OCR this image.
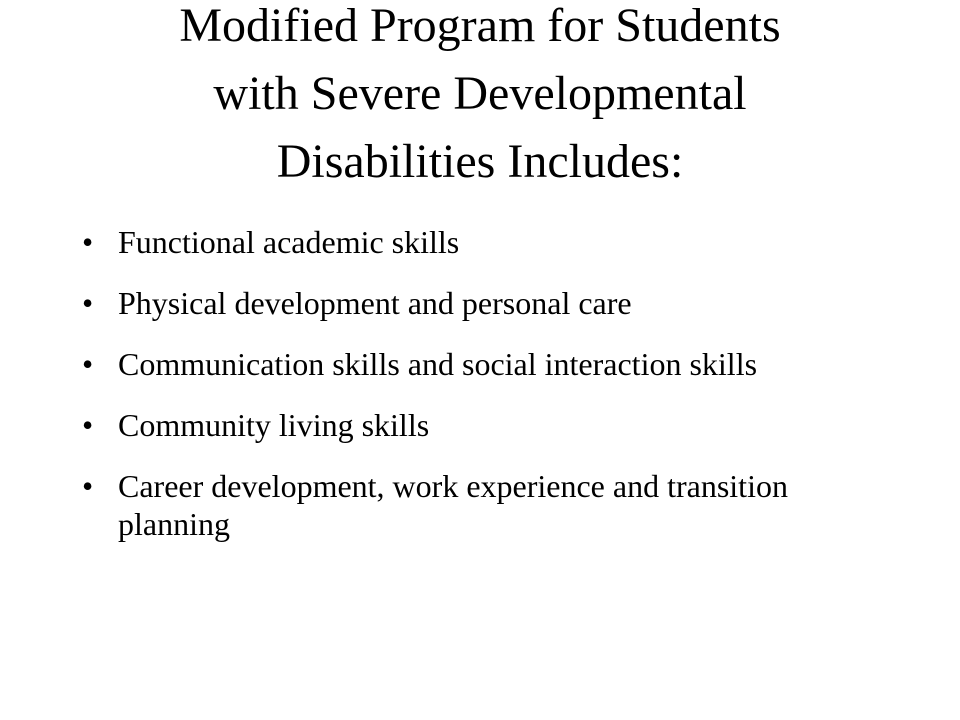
Modified Program for Students
with Severe Developmental
Disabilities Includes:
• Functional academic skills
• Physical development and personal care
• Communication skills and social interaction skills
• Community living skills
• Career development, work experience and transition planning
